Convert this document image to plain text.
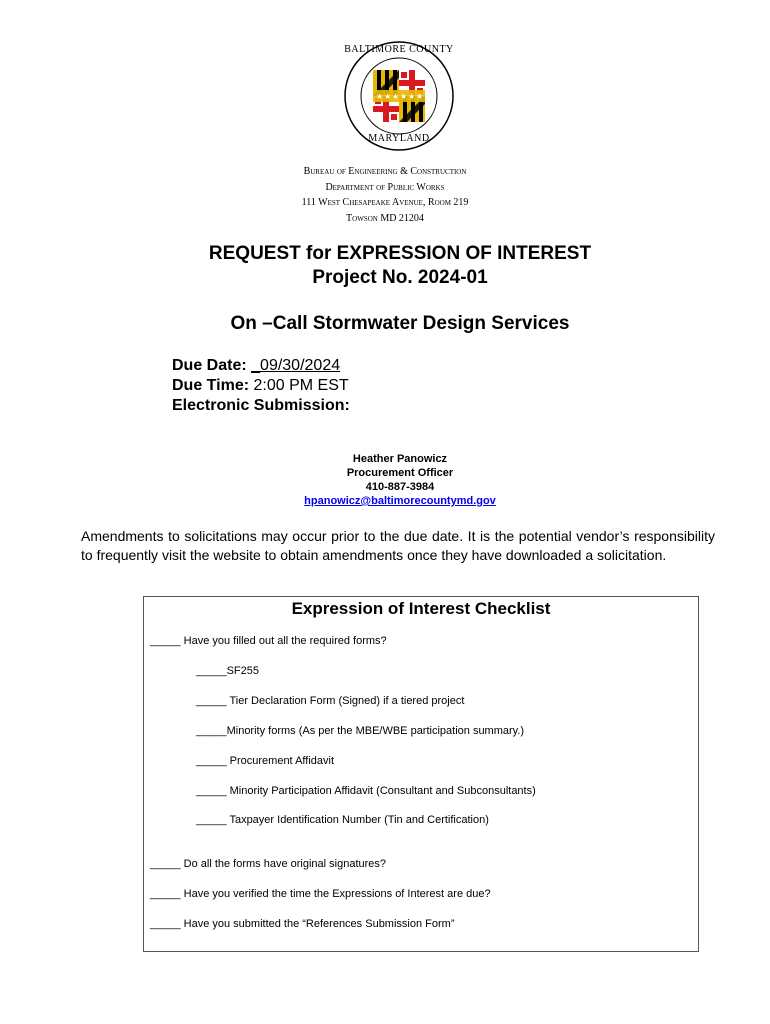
★ ★ ★ ★ ★ ★
BALTIMORE COUNTY
MARYLAND
Bureau of Engineering & Construction
Department of Public Works
111 West Chesapeake Avenue, Room 219
Towson MD 21204
REQUEST for EXPRESSION OF INTEREST
Project No. 2024-01
On –Call Stormwater Design Services
Due Date: _09/30/2024
Due Time: 2:00 PM EST
Electronic Submission:
Heather Panowicz
Procurement Officer
410-887-3984
hpanowicz@baltimorecountymd.gov
Amendments to solicitations may occur prior to the due date. It is the potential vendor’s responsibility to frequently visit the website to obtain amendments once they have downloaded a solicitation.
Expression of Interest Checklist
_____ Have you filled out all the required forms?
_____SF255
_____ Tier Declaration Form (Signed) if a tiered project
_____Minority forms (As per the MBE/WBE participation summary.)
_____ Procurement Affidavit
_____ Minority Participation Affidavit (Consultant and Subconsultants)
_____ Taxpayer Identification Number (Tin and Certification)
_____ Do all the forms have original signatures?
_____ Have you verified the time the Expressions of Interest are due?
_____ Have you submitted the “References Submission Form”
